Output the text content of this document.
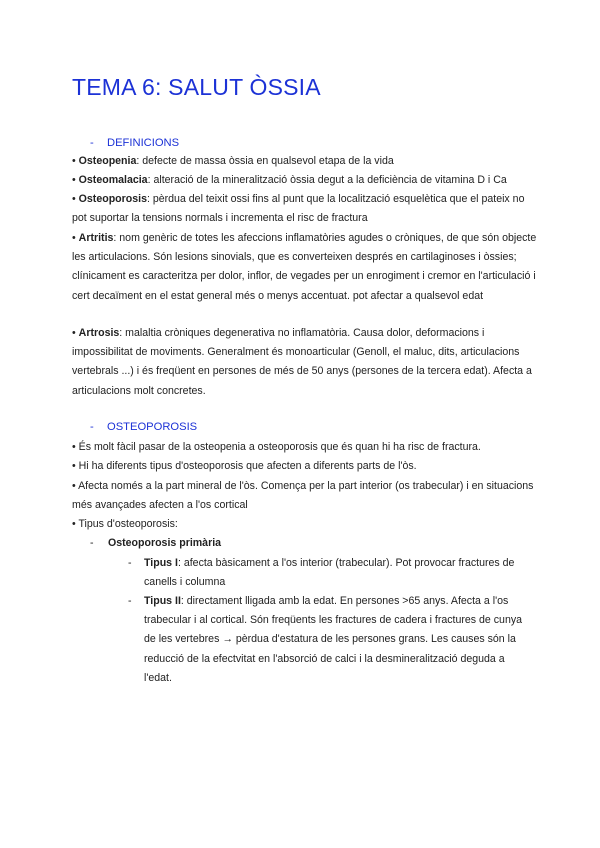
TEMA 6: SALUT ÒSSIA
- DEFINICIONS
• Osteopenia: defecte de massa òssia en qualsevol etapa de la vida
• Osteomalacia: alteració de la mineralització òssia degut a la deficiència de vitamina D i Ca

• Osteoporosis: pèrdua del teixit ossi fins al punt que la localització esquelètica que el pateix no pot suportar la tensions normals i incrementa el risc de fractura

• Artritis: nom genèric de totes les afeccions inflamatòries agudes o cròniques, de que són objecte les articulacions. Són lesions sinovials, que es converteixen després en cartilaginoses i òssies; clínicament es caracteritza per dolor, inflor, de vegades per un enrogiment i cremor en l'articulació i cert decaïment en el estat general més o menys accentuat. pot afectar a qualsevol edat

• Artrosis: malaltia cròniques degenerativa no inflamatòria. Causa dolor, deformacions i impossibilitat de moviments. Generalment és monoarticular (Genoll, el maluc, dits, articulacions vertebrals ...) i és freqüent en persones de més de 50 anys (persones de la tercera edat). Afecta a articulacions molt concretes.

- OSTEOPOROSIS
• És molt fàcil pasar de la osteopenia a osteoporosis que és quan hi ha risc de fractura.
• Hi ha diferents tipus d'osteoporosis que afecten a diferents parts de l'òs.

• Afecta només a la part mineral de l'òs. Comença per la part interior (os trabecular) i en situacions més avançades afecten a l'os cortical

• Tipus d'osteoporosis:
- Osteoporosis primària
- Tipus I: afecta bàsicament a l'os interior (trabecular). Pot provocar fractures de canells i columna
- Tipus II: directament lligada amb la edat. En persones >65 anys. Afecta a l'os trabecular i al cortical. Són freqüents les fractures de cadera i fractures de cunya de les vertebres → pèrdua d'estatura de les persones grans. Les causes són la reducció de la efectvitat en l'absorció de calci i la desmineralització deguda a l'edat.
